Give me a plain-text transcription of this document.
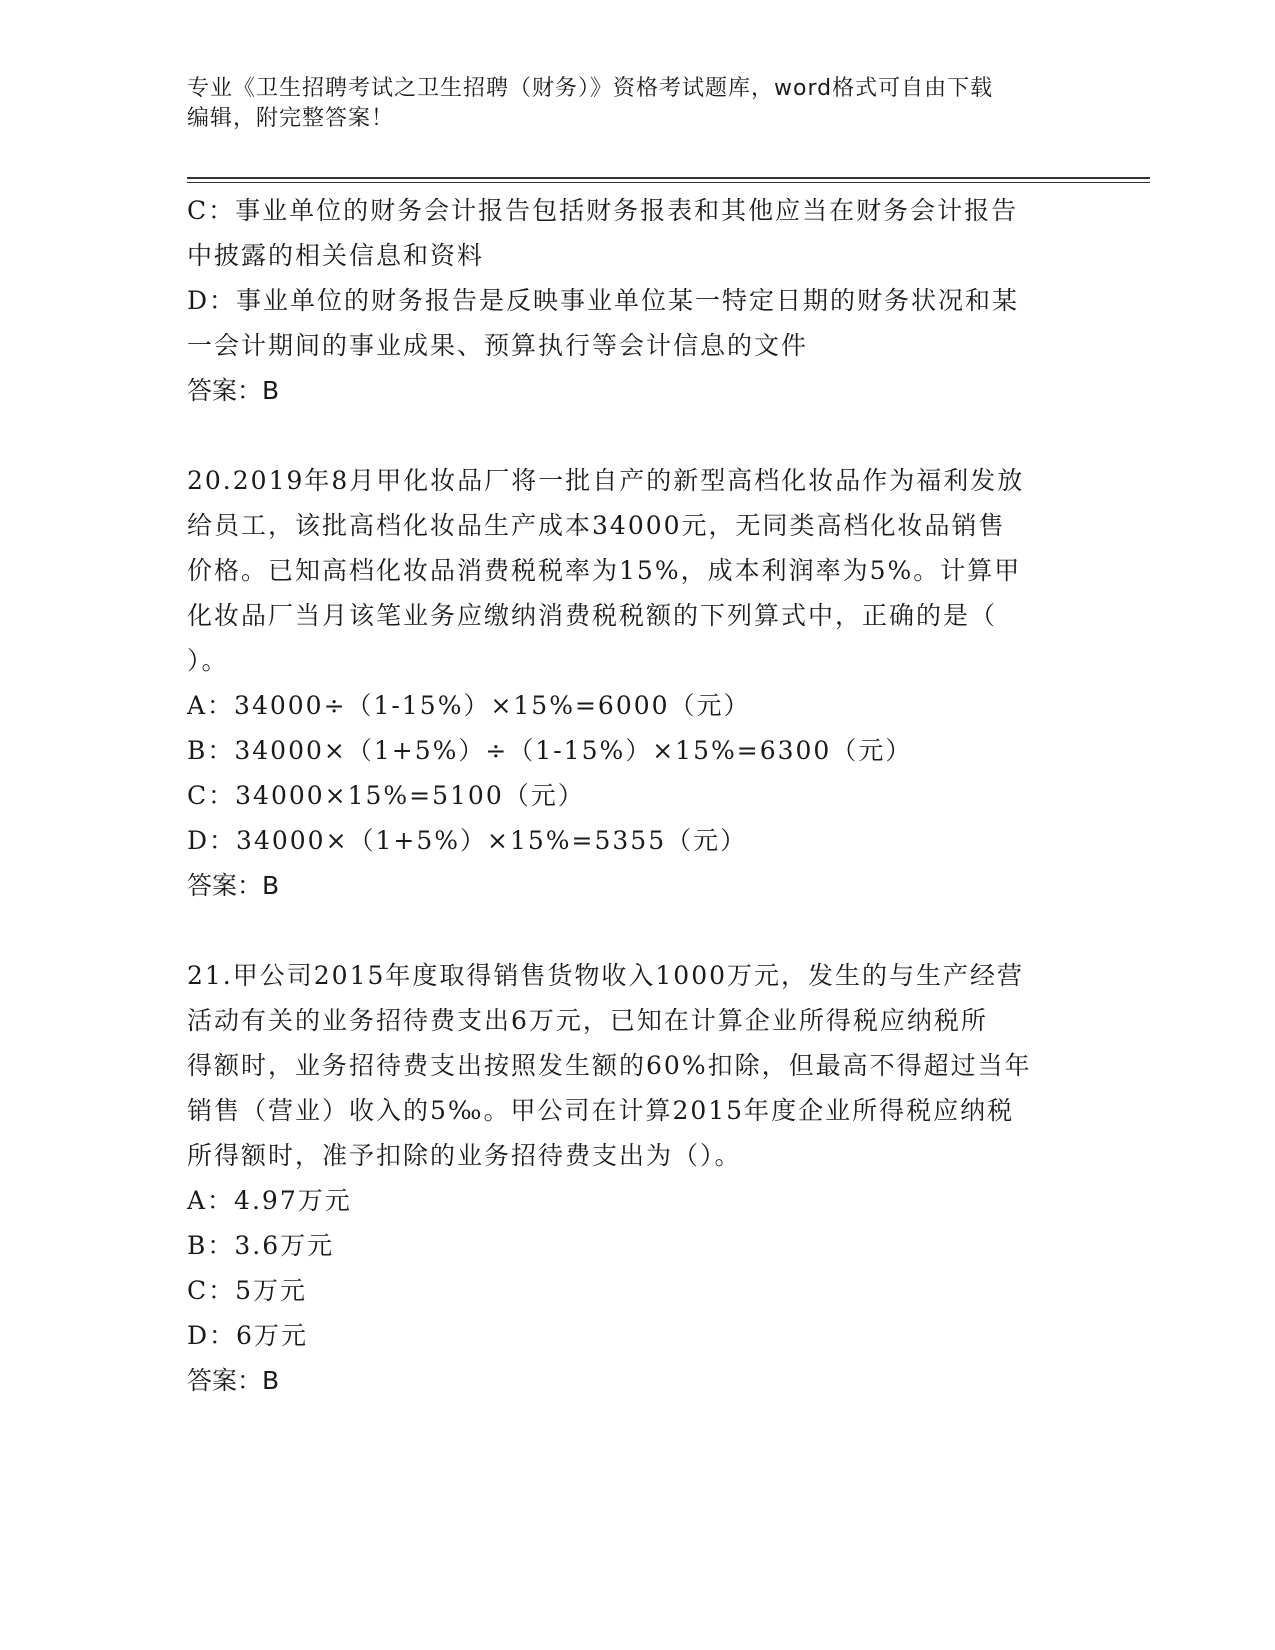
专业《卫生招聘考试之卫生招聘（财务）》资格考试题库，word格式可自由下载
编辑，附完整答案！

C：事业单位的财务会计报告包括财务报表和其他应当在财务会计报告

中披露的相关信息和资料

D：事业单位的财务报告是反映事业单位某一特定日期的财务状况和某

一会计期间的事业成果、预算执行等会计信息的文件

答案：B

20.2019年8月甲化妆品厂将一批自产的新型高档化妆品作为福利发放

给员工，该批高档化妆品生产成本34000元，无同类高档化妆品销售

价格。已知高档化妆品消费税税率为15%，成本利润率为5%。计算甲

化妆品厂当月该笔业务应缴纳消费税税额的下列算式中，正确的是（

）。

A：34000÷（1-15%）×15%=6000（元）

B：34000×（1+5%）÷（1-15%）×15%=6300（元）

C：34000×15%=5100（元）

D：34000×（1+5%）×15%=5355（元）

答案：B

21.甲公司2015年度取得销售货物收入1000万元，发生的与生产经营

活动有关的业务招待费支出6万元，已知在计算企业所得税应纳税所

得额时，业务招待费支出按照发生额的60%扣除，但最高不得超过当年

销售（营业）收入的5‰。甲公司在计算2015年度企业所得税应纳税

所得额时，准予扣除的业务招待费支出为（）。

A：4.97万元

B：3.6万元

C：5万元

D：6万元

答案：B
